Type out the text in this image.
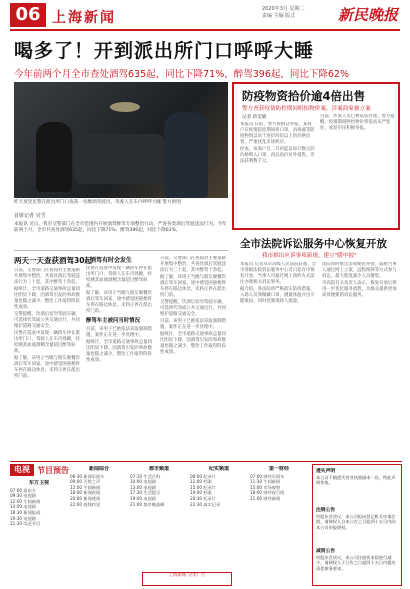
06 上海新闻
2020年3月 星期二
责编 主编 版式	新民晚报
喝多了！开到派出所门口呼呼大睡
今年前两个月全市查处酒驾635起，同比下降71%，醉驾396起，同比下降62%
昨天夜里民警在派出所门口查获一名醉酒驾驶员，驾驶人在车内呼呼大睡 警方供图
首席记者 吴雪
本报讯 近日，我市交警部门在全市范围内开展酒驾醉驾专项整治行动，严查各类酒后驾驶违法行为。今年前两个月，全市共查处酒驾635起，同比下降71%；醉驾396起，同比下降62%。
两天一天查获酒驾30起

日前，交警部门在夜间对主要道路开展集中整治，共查处酒后驾驶违法行为三十起，其中醉驾十余起。

据统计，全市道路交通事故总量同比明显下降，因酒驾引发的事故数量也随之减少，整治工作取得阶段性成效。

交警提醒，饮酒后切勿驾驶车辆，可选择代驾或公共交通出行，共同维护道路交通安全。

民警在巡查中发现一辆轿车停在派出所门口，驾驶人在车内熟睡，经检测其血液酒精含量超过醉驾标准。

据了解，该男子当晚与朋友聚餐饮酒后驾车回家，途中感觉困倦便将车停在路边休息，未料正停在派出所门前。

酒驾有时会发生

民警在巡查中发现一辆轿车停在派出所门口，驾驶人在车内熟睡，经检测其血液酒精含量超过醉驾标准。

据了解，该男子当晚与朋友聚餐饮酒后驾车回家，途中感觉困倦便将车停在路边休息，未料正停在派出所门前。

醉驾车主被问当时情况

目前，该男子已被依法采取强制措施，案件正在进一步处理中。

据统计，全市道路交通事故总量同比明显下降，因酒驾引发的事故数量也随之减少，整治工作取得阶段性成效。

日前，交警部门在夜间对主要道路开展集中整治，共查处酒后驾驶违法行为三十起，其中醉驾十余起。

据了解，该男子当晚与朋友聚餐饮酒后驾车回家，途中感觉困倦便将车停在路边休息，未料正停在派出所门前。

交警提醒，饮酒后切勿驾驶车辆，可选择代驾或公共交通出行，共同维护道路交通安全。

目前，该男子已被依法采取强制措施，案件正在进一步处理中。

据统计，全市道路交通事故总量同比明显下降，因酒驾引发的事故数量也随之减少，整治工作取得阶段性成效。

防疫物资拾价逾4倍出售
警方查获疫情防控期间哄抬物价案，涉案商家被立案
记者 蒋奕敏

本报讯 日前，警方接群众举报，某商户在疫情防控期间将口罩、消毒液等防疫物资以高于进价四倍以上的价格出售，严重扰乱市场秩序。

经查，该商户自二月初起以每只数元的价格购入口罩，再以高价对外销售，非法获利数千元。

目前，涉案人员已被依法处理。警方提醒，疫情期间哄抬物价将依法从严惩处，欢迎市民积极举报。

全市法院诉讼服务中心恢复开放
我市推出应诉事项新规，建立"暖申报"

本报讯 记者从市高级人民法院获悉，全市各级法院诉讼服务中心近日起有序恢复开放，当事人可通过网上预约方式前往办理相关诉讼事务。

据介绍，各法院将严格落实防疫措施，入场人员须佩戴口罩、测量体温并出示健康码，同时控制现场人流量。

法院同时推出多项便民举措，鼓励当事人通过网上立案、远程视频等方式参与诉讼，最大程度减少人员聚集。

市高院有关负责人表示，恢复开放后将进一步优化服务流程，为群众提供更加高效便捷的诉讼服务。

电视 节目预告
东方卫视
07:00 看东方
09:30 电视剧
12:00 午间新闻
14:00 电视剧
18:30 新闻报道
19:30 电视剧
21:30 综艺节目
新闻综合
06:30 新闻早班车
09:00 百姓之声
12:00 午间新闻
18:00 新闻夜线
20:00 新闻透视
22:00 夜线约见
都市频道
07:10 生活百科
10:00 电视剧
13:00 电视剧
17:30 生活提示
19:00 电视剧
21:00 都市晚高峰
纪实频道
08:00 纪录片
11:00 档案
15:00 纪录片
19:00 档案
20:30 纪录片
22:30 真实记录
第一财经
07:00 财经早班车
11:30 午间新闻
15:00 市场观察
18:00 财经夜行线
21:00 财经新闻
遗失声明
本公司不慎遗失营业执照副本一份，特此声明作废。
注销公告
经股东会决议，本公司拟向登记机关申请注销，请债权人自本公告之日起四十五日内向本公司申报债权。
减资公告
经股东会决议，本公司注册资本拟进行减少，请债权人于公告之日起四十五日内提出清偿债务要求。
上海新闻 分类广告
